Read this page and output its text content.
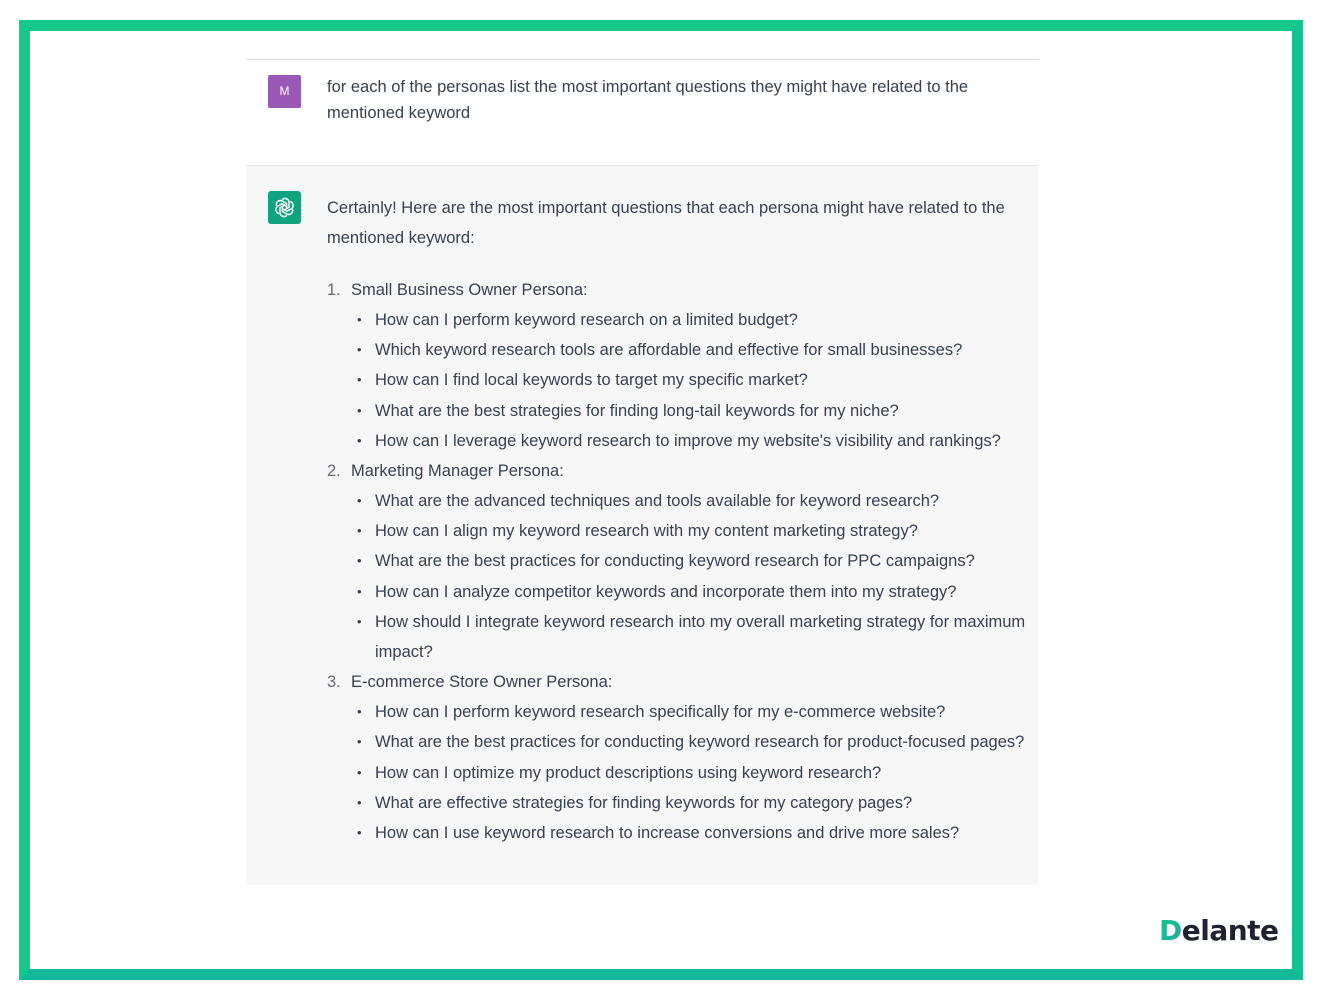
M	for each of the personas list the most important questions they might have related to the mentioned keyword
Certainly! Here are the most important questions that each persona might have related to the mentioned keyword:
1. Small Business Owner Persona:
• How can I perform keyword research on a limited budget?
• Which keyword research tools are affordable and effective for small businesses?
• How can I find local keywords to target my specific market?
• What are the best strategies for finding long-tail keywords for my niche?
• How can I leverage keyword research to improve my website's visibility and rankings?
2. Marketing Manager Persona:
• What are the advanced techniques and tools available for keyword research?
• How can I align my keyword research with my content marketing strategy?
• What are the best practices for conducting keyword research for PPC campaigns?
• How can I analyze competitor keywords and incorporate them into my strategy?
• How should I integrate keyword research into my overall marketing strategy for maximum impact?
3. E-commerce Store Owner Persona:
• How can I perform keyword research specifically for my e-commerce website?
• What are the best practices for conducting keyword research for product-focused pages?
• How can I optimize my product descriptions using keyword research?
• What are effective strategies for finding keywords for my category pages?
• How can I use keyword research to increase conversions and drive more sales?
Delante
